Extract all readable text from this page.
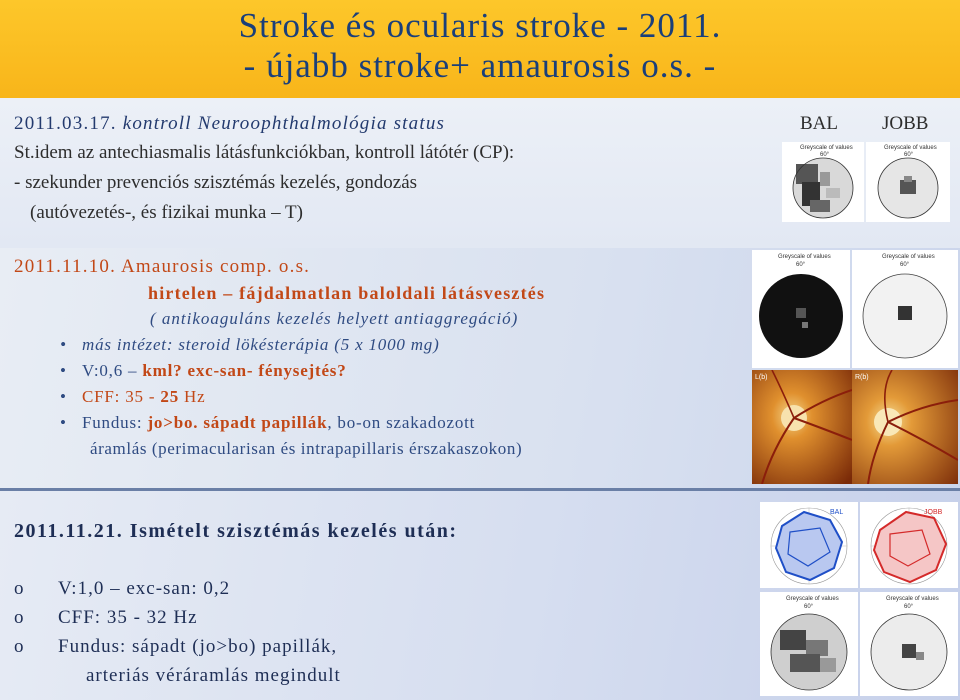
Stroke és ocularis stroke - 2011.
- újabb stroke+ amaurosis o.s. -
2011.03.17. kontroll Neuroophthalmológia status	BAL JOBB
St.idem az antechiasmalis látásfunkciókban, kontroll látótér (CP):
- szekunder prevenciós szisztémás kezelés, gondozás
(autóvezetés-, és fizikai munka – T)
2011.11.10. Amaurosis comp. o.s.
hirtelen – fájdalmatlan baloldali látásvesztés
( antikoaguláns kezelés helyett antiaggregáció)
• más intézet: steroid lökésterápia (5 x 1000 mg)
• V:0,6 – kml? exc-san- fénysejtés?
• CFF: 35 - 25 Hz
• Fundus: jo>bo. sápadt papillák, bo-on szakadozott
áramlás (perimacularisan és intrapapillaris érszakaszokon)
2011.11.21. Ismételt szisztémás kezelés után:
o V:1,0 – exc-san: 0,2
o CFF: 35 - 32 Hz
o Fundus: sápadt (jo>bo) papillák,
arteriás véráramlás megindult
Greyscale of values
60°
Greyscale of values
60°
Greyscale of values
60°
Greyscale of values
60°
L(b)	R(b)
BAL	JOBB
Greyscale of values
60°
Greyscale of values
60°
